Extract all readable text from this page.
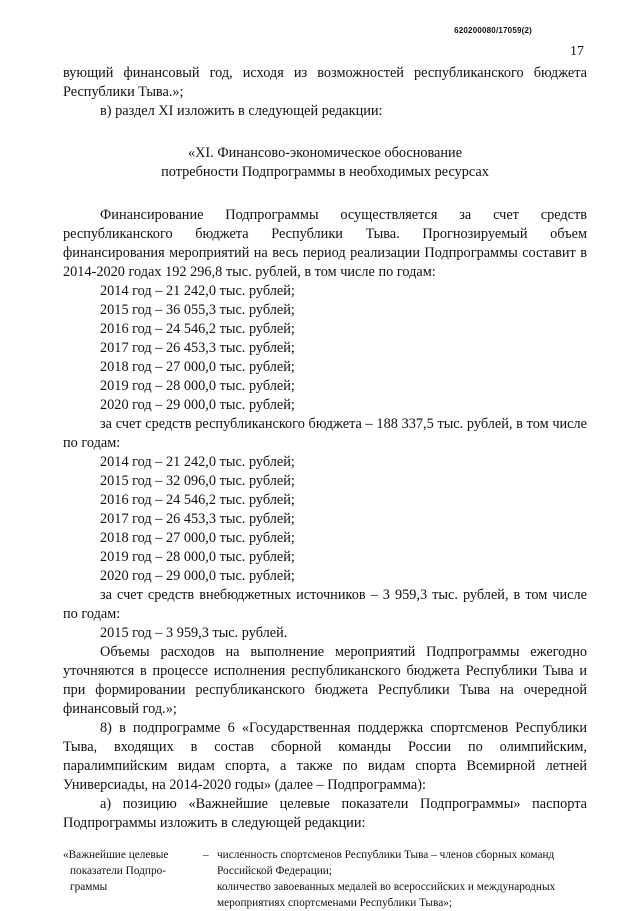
620200080/17059(2)
17

вующий финансовый год, исходя из возможностей республиканского бюджета Республики Тыва.»;

в) раздел XI изложить в следующей редакции:

«XI. Финансово-экономическое обоснование
потребности Подпрограммы в необходимых ресурсах

Финансирование Подпрограммы осуществляется за счет средств республиканского бюджета Республики Тыва. Прогнозируемый объем финансирования мероприятий на весь период реализации Подпрограммы составит в 2014-2020 годах 192 296,8 тыс. рублей, в том числе по годам:

2014 год – 21 242,0 тыс. рублей;

2015 год – 36 055,3 тыс. рублей;

2016 год – 24 546,2 тыс. рублей;

2017 год – 26 453,3 тыс. рублей;

2018 год – 27 000,0 тыс. рублей;

2019 год – 28 000,0 тыс. рублей;

2020 год – 29 000,0 тыс. рублей;

за счет средств республиканского бюджета – 188 337,5 тыс. рублей, в том числе по годам:

2014 год – 21 242,0 тыс. рублей;

2015 год – 32 096,0 тыс. рублей;

2016 год – 24 546,2 тыс. рублей;

2017 год – 26 453,3 тыс. рублей;

2018 год – 27 000,0 тыс. рублей;

2019 год – 28 000,0 тыс. рублей;

2020 год – 29 000,0 тыс. рублей;

за счет средств внебюджетных источников – 3 959,3 тыс. рублей, в том числе по годам:

2015 год – 3 959,3 тыс. рублей.

Объемы расходов на выполнение мероприятий Подпрограммы ежегодно уточняются в процессе исполнения республиканского бюджета Республики Тыва и при формировании республиканского бюджета Республики Тыва на очередной финансовый год.»;

8) в подпрограмме 6 «Государственная поддержка спортсменов Республики Тыва, входящих в состав сборной команды России по олимпийским, паралимпийским видам спорта, а также по видам спорта Всемирной летней Универсиады, на 2014-2020 годы» (далее – Подпрограмма):

а) позицию «Важнейшие целевые показатели Подпрограммы» паспорта Подпрограммы изложить в следующей редакции:

«Важнейшие целевые
показатели Подпро-
граммы
– численность спортсменов Республики Тыва – членов сборных команд Российской Федерации;
количество завоеванных медалей во всероссийских и международных мероприятиях спортсменами Республики Тыва»;
